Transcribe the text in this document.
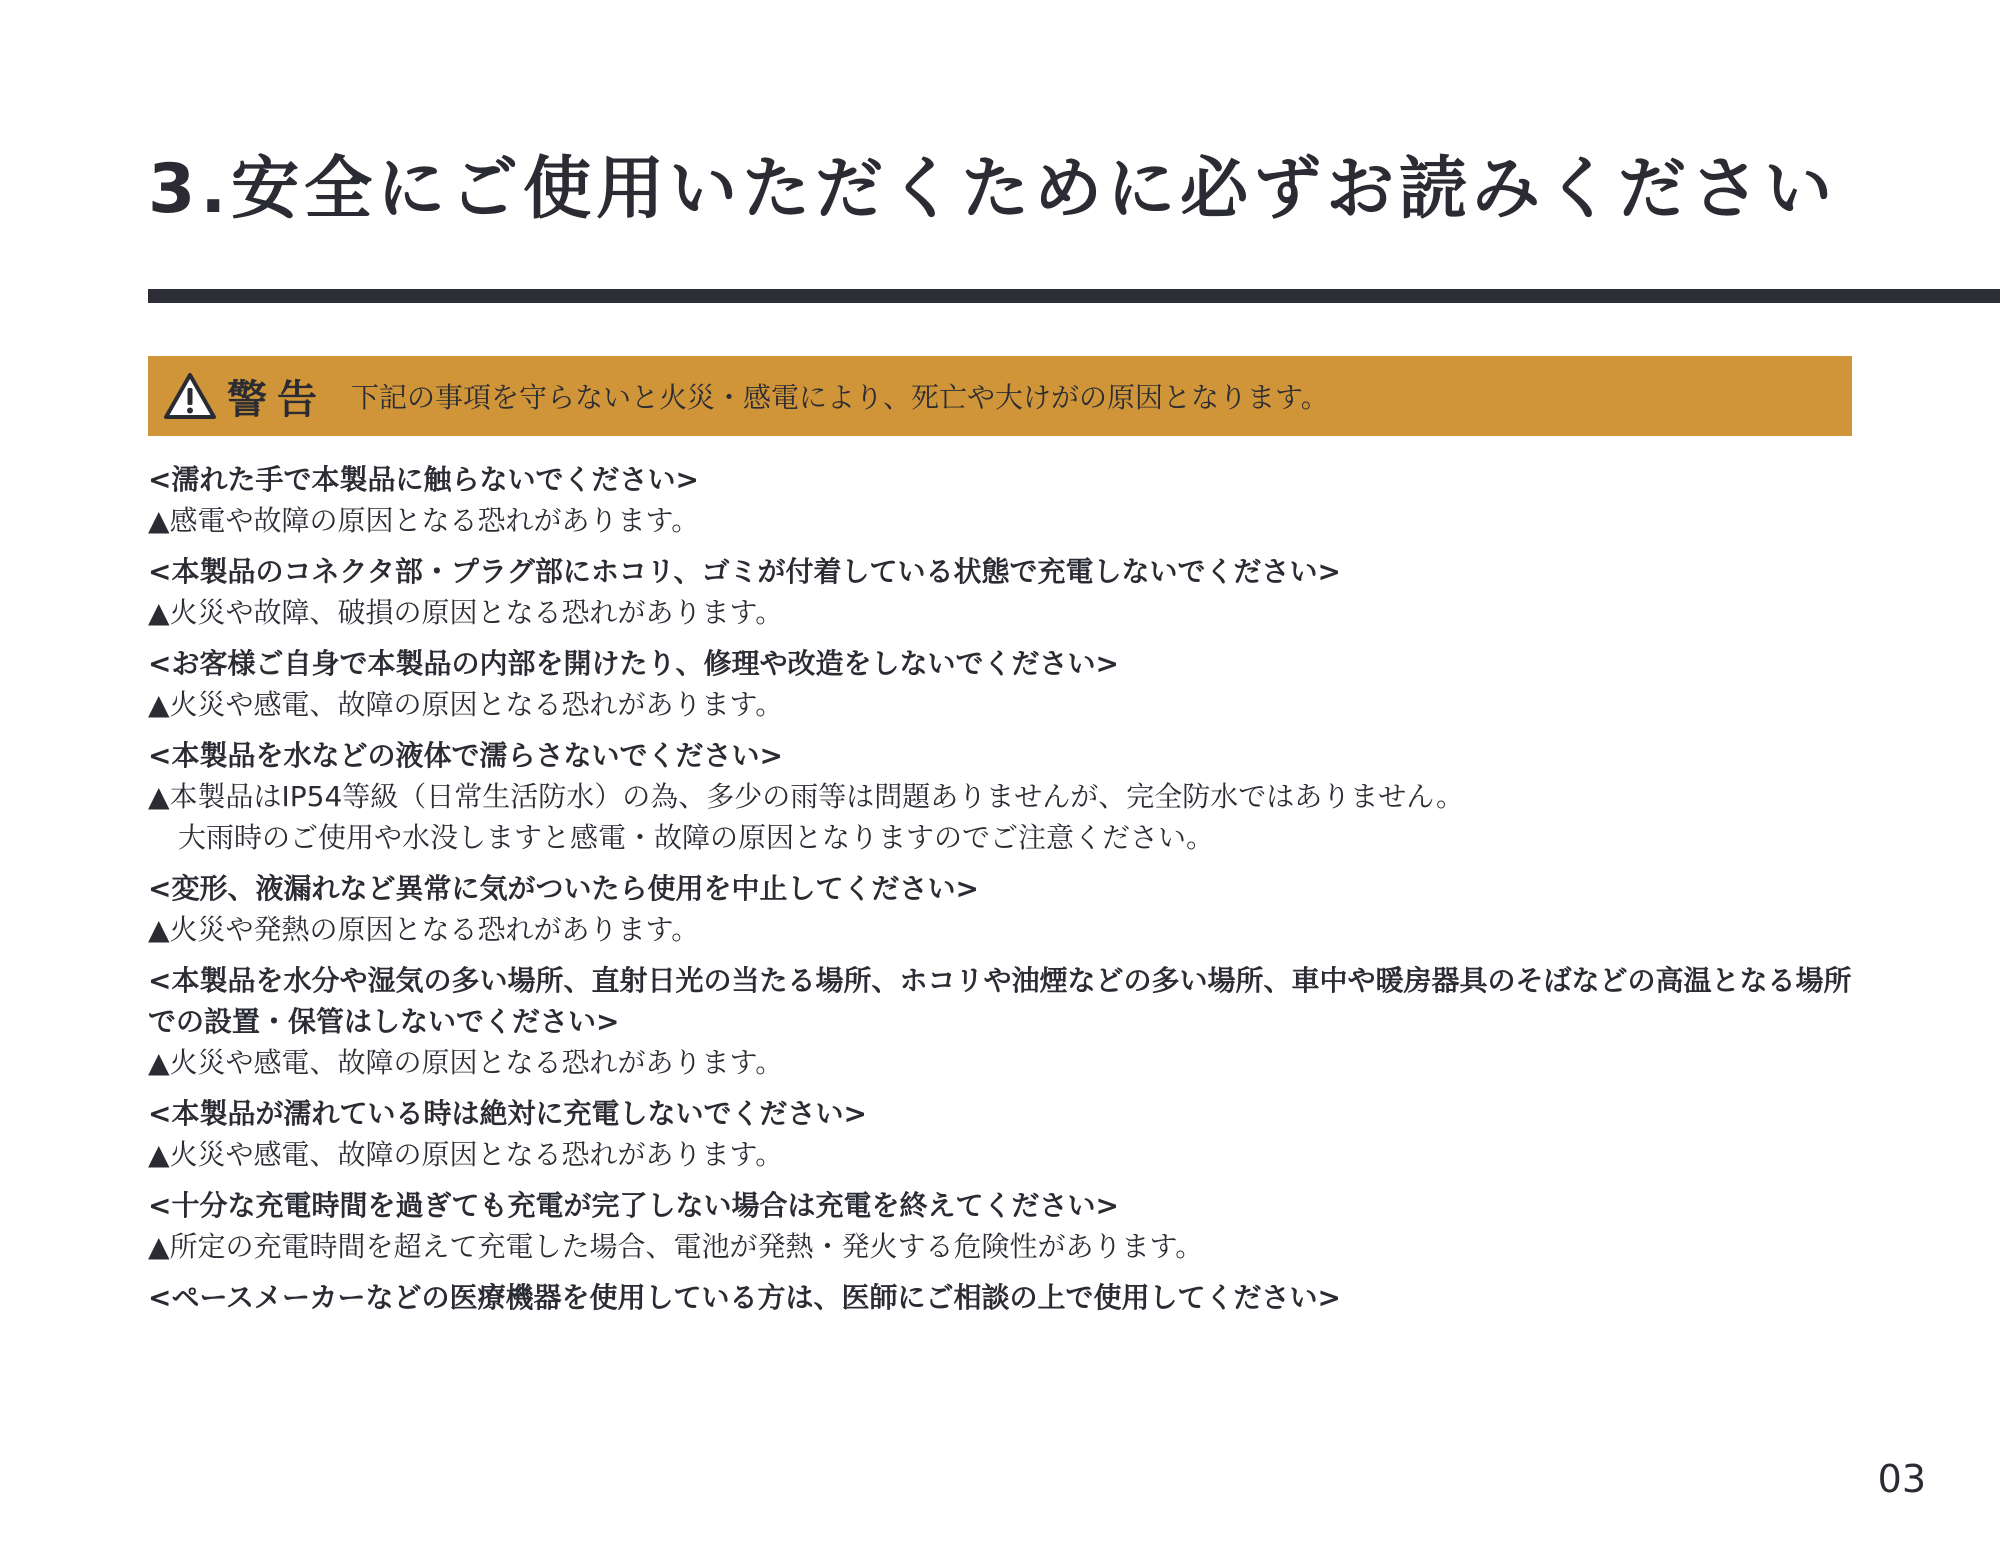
3.安全にご使用いただくために必ずお読みください
警告 下記の事項を守らないと火災・感電により、死亡や大けがの原因となります。
<濡れた手で本製品に触らないでください>
▲感電や故障の原因となる恐れがあります。
<本製品のコネクタ部・プラグ部にホコリ、ゴミが付着している状態で充電しないでください>
▲火災や故障、破損の原因となる恐れがあります。
<お客様ご自身で本製品の内部を開けたり、修理や改造をしないでください>
▲火災や感電、故障の原因となる恐れがあります。
<本製品を水などの液体で濡らさないでください>
▲本製品はIP54等級（日常生活防水）の為、多少の雨等は問題ありませんが、完全防水ではありません。
大雨時のご使用や水没しますと感電・故障の原因となりますのでご注意ください。
<変形、液漏れなど異常に気がついたら使用を中止してください>
▲火災や発熱の原因となる恐れがあります。
<本製品を水分や湿気の多い場所、直射日光の当たる場所、ホコリや油煙などの多い場所、車中や暖房器具のそばなどの高温となる場所での設置・保管はしないでください>
▲火災や感電、故障の原因となる恐れがあります。
<本製品が濡れている時は絶対に充電しないでください>
▲火災や感電、故障の原因となる恐れがあります。
<十分な充電時間を過ぎても充電が完了しない場合は充電を終えてください>
▲所定の充電時間を超えて充電した場合、電池が発熱・発火する危険性があります。
<ペースメーカーなどの医療機器を使用している方は、医師にご相談の上で使用してください>
03
